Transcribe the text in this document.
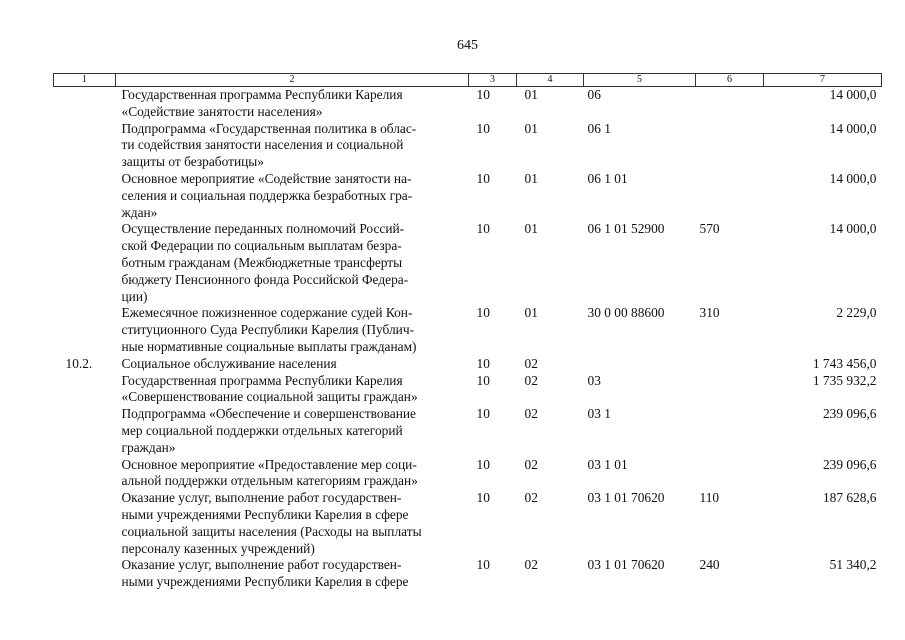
645
1	2	3	4	5	6	7

	Государственная программа Республики Карелия
«Содействие занятости населения»	10	01	06		14 000,0

	Подпрограмма «Государственная политика в облас-
ти содействия занятости населения и социальной
защиты от безработицы»	10	01	06 1		14 000,0

	Основное мероприятие «Содействие занятости на-
селения и социальная поддержка безработных гра-
ждан»	10	01	06 1 01		14 000,0

	Осуществление переданных полномочий Россий-
ской Федерации по социальным выплатам безра-
ботным гражданам (Межбюджетные трансферты
бюджету Пенсионного фонда Российской Федера-
ции)	10	01	06 1 01 52900	570	14 000,0

	Ежемесячное пожизненное содержание судей Кон-
ституционного Суда Республики Карелия (Публич-
ные нормативные социальные выплаты гражданам)	10	01	30 0 00 88600	310	2 229,0
10.2.	Социальное обслуживание населения	10	02			1 743 456,0

	Государственная программа Республики Карелия
«Совершенствование социальной защиты граждан»	10	02	03		1 735 932,2

	Подпрограмма «Обеспечение и совершенствование
мер социальной поддержки отдельных категорий
граждан»	10	02	03 1		239 096,6

	Основное мероприятие «Предоставление мер соци-
альной поддержки отдельным категориям граждан»	10	02	03 1 01		239 096,6

	Оказание услуг, выполнение работ государствен-
ными учреждениями Республики Карелия в сфере
социальной защиты населения (Расходы на выплаты
персоналу казенных учреждений)	10	02	03 1 01 70620	110	187 628,6

	Оказание услуг, выполнение работ государствен-
ными учреждениями Республики Карелия в сфере	10	02	03 1 01 70620	240	51 340,2
